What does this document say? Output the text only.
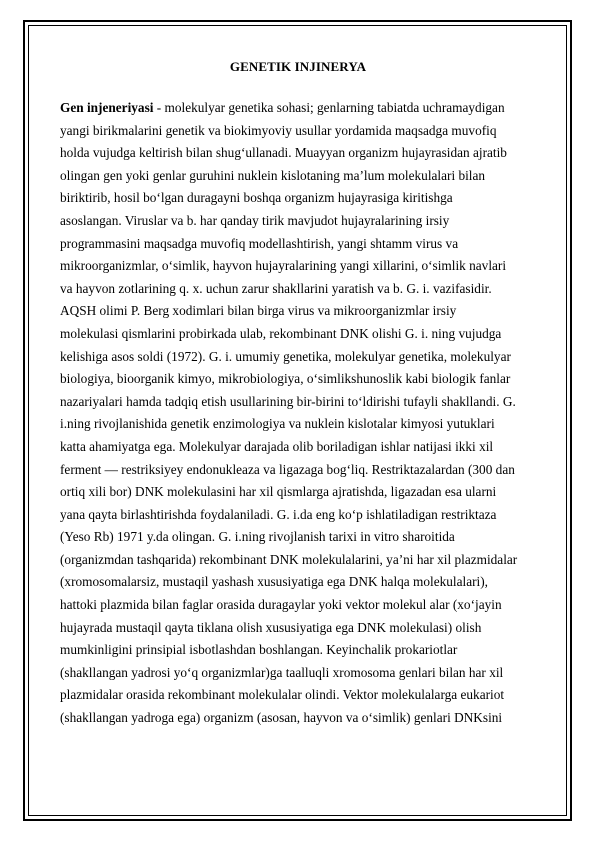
GENETIK INJINERYA
Gen injeneriyasi - molekulyar genetika sohasi; genlarning tabiatda uchramaydigan
yangi birikmalarini genetik va biokimyoviy usullar yordamida maqsadga muvofiq
holda vujudga keltirish bilan shug‘ullanadi. Muayyan organizm hujayrasidan ajratib
olingan gen yoki genlar guruhini nuklein kislotaning maʼlum molekulalari bilan
biriktirib, hosil bo‘lgan duragayni boshqa organizm hujayrasiga kiritishga
asoslangan. Viruslar va b. har qanday tirik mavjudot hujayralarining irsiy
programmasini maqsadga muvofiq modellashtirish, yangi shtamm virus va
mikroorganizmlar, o‘simlik, hayvon hujayralarining yangi xillarini, o‘simlik navlari
va hayvon zotlarining q. x. uchun zarur shakllarini yaratish va b. G. i. vazifasidir.
AQSH olimi P. Berg xodimlari bilan birga virus va mikroorganizmlar irsiy
molekulasi qismlarini probirkada ulab, rekombinant DNK olishi G. i. ning vujudga
kelishiga asos soldi (1972). G. i. umumiy genetika, molekulyar genetika, molekulyar
biologiya, bioorganik kimyo, mikrobiologiya, o‘simlikshunoslik kabi biologik fanlar
nazariyalari hamda tadqiq etish usullarining bir-birini to‘ldirishi tufayli shakllandi. G.
i.ning rivojlanishida genetik enzimologiya va nuklein kislotalar kimyosi yutuklari
katta ahamiyatga ega. Molekulyar darajada olib boriladigan ishlar natijasi ikki xil
ferment — restriksiyey endonukleaza va ligazaga bog‘liq. Restriktazalardan (300 dan
ortiq xili bor) DNK molekulasini har xil qismlarga ajratishda, ligazadan esa ularni
yana qayta birlashtirishda foydalaniladi. G. i.da eng ko‘p ishlatiladigan restriktaza
(Yeso Rb) 1971 y.da olingan. G. i.ning rivojlanish tarixi in vitro sharoitida
(organizmdan tashqarida) rekombinant DNK molekulalarini, yaʼni har xil plazmidalar
(xromosomalarsiz, mustaqil yashash xususiyatiga ega DNK halqa molekulalari),
hattoki plazmida bilan faglar orasida duragaylar yoki vektor molekul alar (xo‘jayin
hujayrada mustaqil qayta tiklana olish xususiyatiga ega DNK molekulasi) olish
mumkinligini prinsipial isbotlashdan boshlangan. Keyinchalik prokariotlar
(shakllangan yadrosi yo‘q organizmlar)ga taalluqli xromosoma genlari bilan har xil
plazmidalar orasida rekombinant molekulalar olindi. Vektor molekulalarga eukariot
(shakllangan yadroga ega) organizm (asosan, hayvon va o‘simlik) genlari DNKsini
